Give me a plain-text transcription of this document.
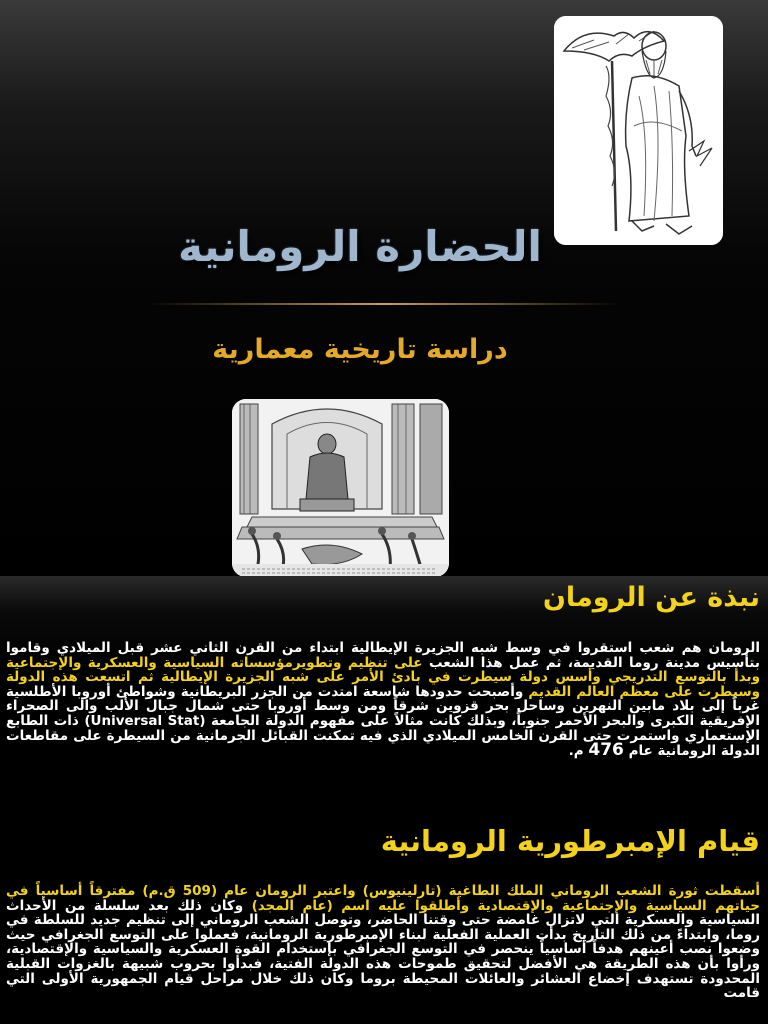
الحضارة الرومانية
دراسة تاريخية معمارية
نبذة عن الرومان
الرومان هم شعب استقروا في وسط شبه الجزيرة الإيطالية ابتداء من القرن الثاني عشر قبل الميلادي وقاموا بتأسيس مدينة روما القديمة، ثم عمل هذا الشعب على تنظيم وتطويرمؤسساته السياسية والعسكرية والإجتماعية وبدأ بالتوسع التدريجي وأسس دولة سيطرت في بادئ الأمر على شبه الجزيرة الإيطالية ثم اتسعت هذه الدولة وسيطرت على معظم العالم القديم وأصبحت حدودها شاسعة امتدت من الجزر البريطانية وشواطئ أوروبا الأطلسية غرباً إلى بلاد مابين النهرين وساحل بحر قزوين شرقاً ومن وسط أوروبا حتى شمال جبال الألب والى الصحراء الإفريقية الكبرى والبحر الأحمر جنوباً، وبذلك كانت مثالاً على مفهوم الدولة الجامعة (Universal Stat) ذات الطابع الإستعماري واستمرت حتى القرن الخامس الميلادي الذي فيه تمكنت القبائل الجرمانية من السيطرة على مقاطعات الدولة الرومانية عام 476 م.
قيام الإمبرطورية الرومانية
أسقطت ثورة الشعب الروماني الملك الطاغية (تارلينيوس) واعتبر الرومان عام (509 ق.م) مفترقاً أساسياً في حياتهم السياسية والإجتماعية والإقتصادية وأطلقوا عليه اسم (عام المجد) وكان ذلك بعد سلسلة من الأحداث السياسية والعسكرية التي لاتزال غامضة حتى وقتنا الحاضر، وتوصل الشعب الروماني إلى تنظيم جديد للسلطة في روما، وابتداءً من ذلك التاريخ بدأت العملية الفعلية لبناء الإمبرطورية الرومانية، فعملوا على التوسع الجغرافي حيث وضعوا نصب أعينهم هدفاً أساسياً ينحصر في التوسع الجغرافي بإستخدام القوة العسكرية والسياسية والإقتصادية، ورأوا بأن هذه الطريقة هي الأفضل لتحقيق طموحات هذه الدولة الفتية، فبدأوا بحروب شبيهة بالغزوات القبلية المحدودة تستهدف إخضاع العشائر والعائلات المحيطة بروما وكان ذلك خلال مراحل قيام الجمهورية الأولى التي قامت
